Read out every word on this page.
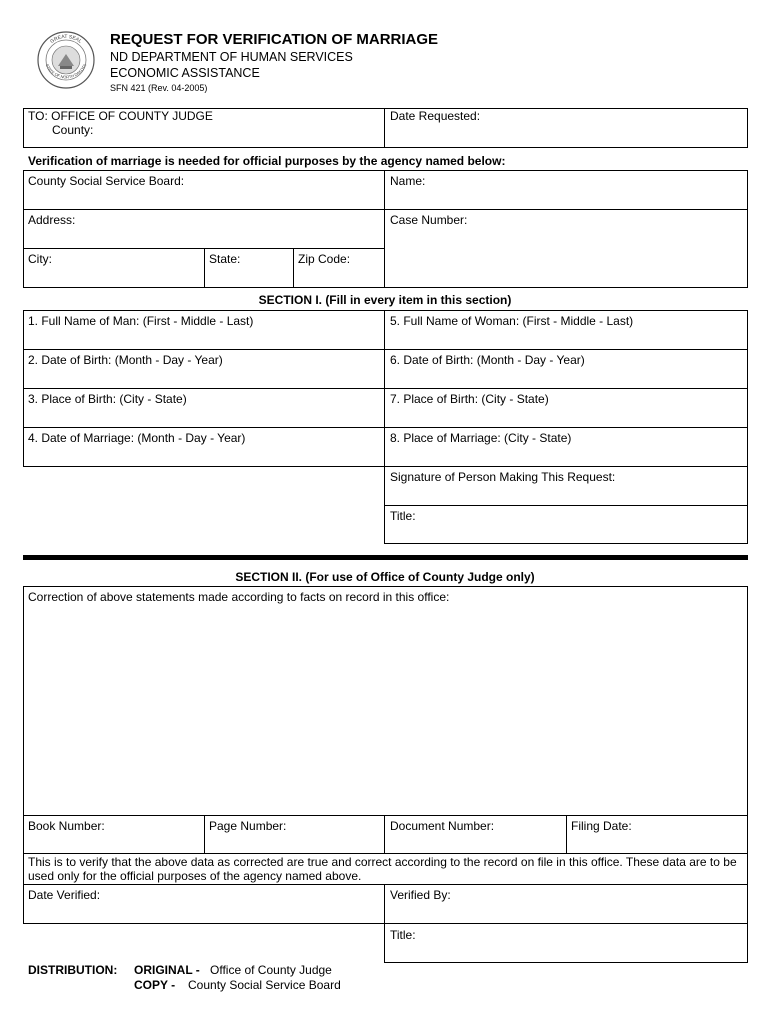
GREAT SEAL
STATE OF NORTH DAKOTA
REQUEST FOR VERIFICATION OF MARRIAGE
ND DEPARTMENT OF HUMAN SERVICES
ECONOMIC ASSISTANCE
SFN 421 (Rev. 04-2005)
TO: OFFICE OF COUNTY JUDGE
County:
Date Requested:
Verification of marriage is needed for official purposes by the agency named below:
County Social Service Board:	Name:
Address:	Case Number:
City:	State:	Zip Code:
SECTION I. (Fill in every item in this section)
1. Full Name of Man: (First - Middle - Last)	5. Full Name of Woman: (First - Middle - Last)
2. Date of Birth: (Month - Day - Year)	6. Date of Birth: (Month - Day - Year)
3. Place of Birth: (City - State)	7. Place of Birth: (City - State)
4. Date of Marriage: (Month - Day - Year)	8. Place of Marriage: (City - State)
Signature of Person Making This Request:
Title:
SECTION II. (For use of Office of County Judge only)
Correction of above statements made according to facts on record in this office:
Book Number:	Page Number:	Document Number:	Filing Date:
This is to verify that the above data as corrected are true and correct according to the record on file in this office. These data are to be used only for the official purposes of the agency named above.
Date Verified:	Verified By:
Title:
DISTRIBUTION: ORIGINAL - Office of County Judge
COPY - County Social Service Board
